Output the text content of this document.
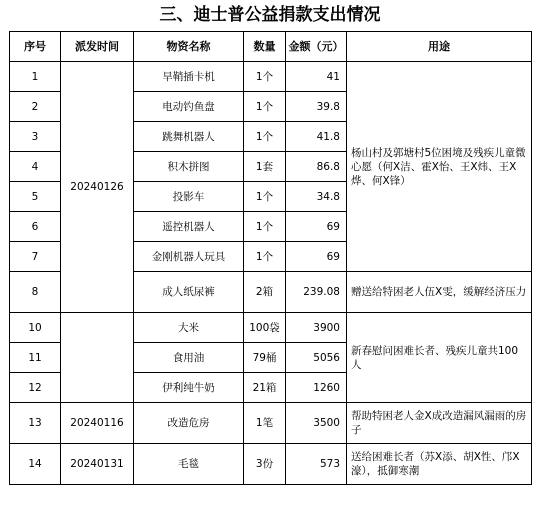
三、迪士普公益捐款支出情况
序号	派发时间	物资名称	数量	金额（元）	用途
1	20240126	旱鞘插卡机	1个	41	杨山村及郭塘村5位困境及残疾儿童微心愿（何Ⅹ洁、霍Ⅹ怡、王Ⅹ炜、王Ⅹ烨、何Ⅹ锋）
2		电动钓鱼盘	1个	39.8	
3		跳舞机器人	1个	41.8	
4		积木拼图	1套	86.8	
5		投影车	1个	34.8	
6		遥控机器人	1个	69	
7		金刚机器人玩具	1个	69	
8		成人纸尿裤	2箱	239.08	赠送给特困老人伍Ⅹ雯，缓解经济压力
10		大米	100袋	3900	新春慰问困难长者、残疾儿童共100人
11		食用油	79桶	5056	
12		伊利纯牛奶	21箱	1260	
13	20240116	改造危房	1笔	3500	帮助特困老人金Ⅹ成改造漏风漏雨的房子
14	20240131	毛毯	3份	573	送给困难长者（苏Ⅹ添、胡Ⅹ性、邝Ⅹ濠），抵御寒潮
